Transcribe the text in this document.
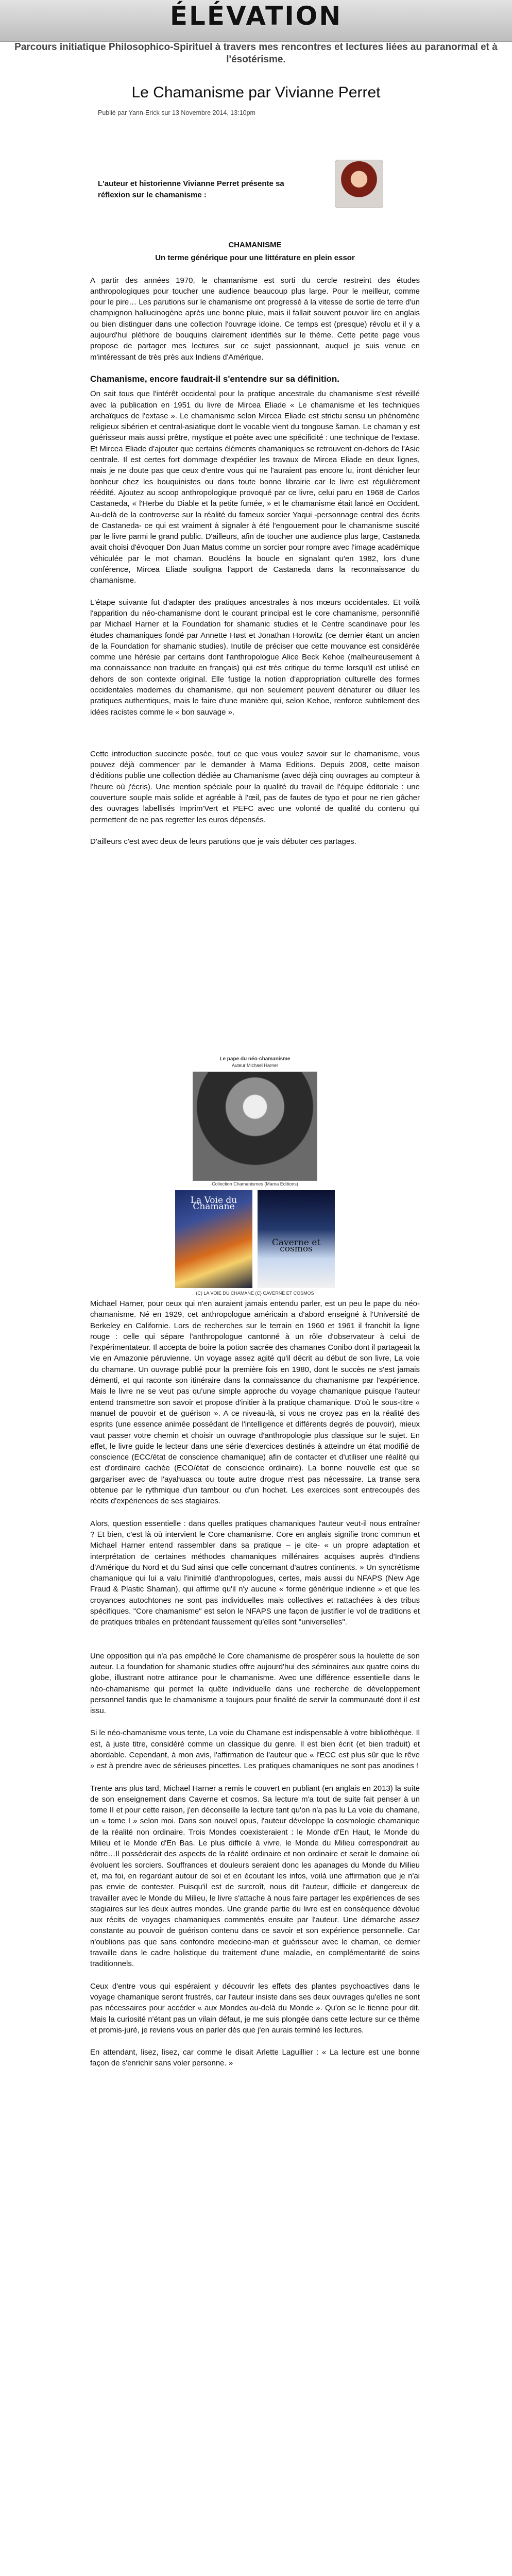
ÉLÉVATION
Parcours initiatique Philosophico-Spirituel à travers mes rencontres et lectures liées au paranormal et à l'ésotérisme.
Le Chamanisme par Vivianne Perret
Publié par Yann-Erick sur 13 Novembre 2014, 13:10pm
L'auteur et historienne Vivianne Perret présente sa réflexion sur le chamanisme :
CHAMANISME
Un terme générique pour une littérature en plein essor

A partir des années 1970, le chamanisme est sorti du cercle restreint des études anthropologiques pour toucher une audience beaucoup plus large. Pour le meilleur, comme pour le pire… Les parutions sur le chamanisme ont progressé à la vitesse de sortie de terre d'un champignon hallucinogène après une bonne pluie, mais il fallait souvent pouvoir lire en anglais ou bien distinguer dans une collection l'ouvrage idoine. Ce temps est (presque) révolu et il y a aujourd'hui pléthore de bouquins clairement identifiés sur le thème. Cette petite page vous propose de partager mes lectures sur ce sujet passionnant, auquel je suis venue en m'intéressant de très près aux Indiens d'Amérique.

Chamanisme, encore faudrait-il s'entendre sur sa définition.

On sait tous que l'intérêt occidental pour la pratique ancestrale du chamanisme s'est réveillé avec la publication en 1951 du livre de Mircea Eliade « Le chamanisme et les techniques archaïques de l'extase ». Le chamanisme selon Mircea Eliade est strictu sensu un phénomène religieux sibérien et central-asiatique dont le vocable vient du tongouse šaman. Le chaman y est guérisseur mais aussi prêtre, mystique et poète avec une spécificité : une technique de l'extase. Et Mircea Eliade d'ajouter que certains éléments chamaniques se retrouvent en-dehors de l'Asie centrale. Il est certes fort dommage d'expédier les travaux de Mircea Eliade en deux lignes, mais je ne doute pas que ceux d'entre vous qui ne l'auraient pas encore lu, iront dénicher leur bonheur chez les bouquinistes ou dans toute bonne librairie car le livre est régulièrement réédité. Ajoutez au scoop anthropologique provoqué par ce livre, celui paru en 1968 de Carlos Castaneda, « l'Herbe du Diable et la petite fumée, » et le chamanisme était lancé en Occident. Au-delà de la controverse sur la réalité du fameux sorcier Yaqui -personnage central des écrits de Castaneda- ce qui est vraiment à signaler à été l'engouement pour le chamanisme suscité par le livre parmi le grand public. D'ailleurs, afin de toucher une audience plus large, Castaneda avait choisi d'évoquer Don Juan Matus comme un sorcier pour rompre avec l'image académique véhiculée par le mot chaman. Boucléns la boucle en signalant qu'en 1982, lors d'une conférence, Mircea Eliade soulignа l'apport de Castaneda dans la reconnaissance du chamanisme.

L'étape suivante fut d'adapter des pratiques ancestrales à nos mœurs occidentales. Et voilà l'apparition du néo-chamanisme dont le courant principal est le core chamanisme, personnifié par Michael Harner et la Foundation for shamanic studies et le Centre scandinave pour les études chamaniques fondé par Annette Høst et Jonathan Horowitz (ce dernier étant un ancien de la Foundation for shamanic studies). Inutile de préciser que cette mouvance est considérée comme une hérésie par certains dont l'anthropologue Alice Beck Kehoe (malheureusement à ma connaissance non traduite en français) qui est très critique du terme lorsqu'il est utilisé en dehors de son contexte original. Elle fustige la notion d'appropriation culturelle des formes occidentales modernes du chamanisme, qui non seulement peuvent dénaturer ou diluer les pratiques authentiques, mais le faire d'une manière qui, selon Kehoe, renforce subtilement des idées racistes comme le « bon sauvage ».

Cette introduction succincte posée, tout ce que vous voulez savoir sur le chamanisme, vous pouvez déjà commencer par le demander à Mama Editions. Depuis 2008, cette maison d'éditions publie une collection dédiée au Chamanisme (avec déjà cinq ouvrages au compteur à l'heure où j'écris). Une mention spéciale pour la qualité du travail de l'équipe éditoriale : une couverture souple mais solide et agréable à l'œil, pas de fautes de typo et pour ne rien gâcher des ouvrages labellisés Imprim'Vert et PEFC avec une volonté de qualité du contenu qui permettent de ne pas regretter les euros dépensés.

D'ailleurs c'est avec deux de leurs parutions que je vais débuter ces partages.

Le pape du néo-chamanisme
Auteur Michael Harner
Collection Chamanismes (Mama Editions)
La Voie du Chamane
Caverne et cosmos
(C) LA VOIE DU CHAMANE (C) CAVERNE ET COSMOS

Michael Harner, pour ceux qui n'en auraient jamais entendu parler, est un peu le pape du néo-chamanisme. Né en 1929, cet anthropologue américain a d'abord enseigné à l'Université de Berkeley en Californie. Lors de recherches sur le terrain en 1960 et 1961 il franchit la ligne rouge : celle qui sépare l'anthropologue cantonné à un rôle d'observateur à celui de l'expérimentateur. Il accepta de boire la potion sacrée des chamanes Conibo dont il partageait la vie en Amazonie péruvienne. Un voyage assez agité qu'il décrit au début de son livre, La voie du chamane. Un ouvrage publié pour la première fois en 1980, dont le succès ne s'est jamais démenti, et qui raconte son itinéraire dans la connaissance du chamanisme par l'expérience. Mais le livre ne se veut pas qu'une simple approche du voyage chamanique puisque l'auteur entend transmettre son savoir et propose d'initier à la pratique chamanique. D'où le sous-titre « manuel de pouvoir et de guérison ». A ce niveau-là, si vous ne croyez pas en la réalité des esprits (une essence animée possédant de l'intelligence et différents degrés de pouvoir), mieux vaut passer votre chemin et choisir un ouvrage d'anthropologie plus classique sur le sujet. En effet, le livre guide le lecteur dans une série d'exercices destinés à atteindre un état modifié de conscience (ECC/état de conscience chamanique) afin de contacter et d'utiliser une réalité qui est d'ordinaire cachée (ECO/état de conscience ordinaire). La bonne nouvelle est que se gargariser avec de l'ayahuasca ou toute autre drogue n'est pas nécessaire. La transe sera obtenue par le rythmique d'un tambour ou d'un hochet. Les exercices sont entrecoupés des récits d'expériences de ses stagiaires.

Alors, question essentielle : dans quelles pratiques chamaniques l'auteur veut-il nous entraîner ? Et bien, c'est là où intervient le Core chamanisme. Core en anglais signifie tronc commun et Michael Harner entend rassembler dans sa pratique – je cite- « un propre adaptation et interprétation de certaines méthodes chamaniques millénaires acquises auprès d'Indiens d'Amérique du Nord et du Sud ainsi que celle concernant d'autres continents. » Un syncrétisme chamanique qui lui a valu l'inimitié d'anthropologues, certes, mais aussi du NFAPS (New Age Fraud & Plastic Shaman), qui affirme qu'il n'y aucune « forme générique indienne » et que les croyances autochtones ne sont pas individuelles mais collectives et rattachées à des tribus spécifiques. "Core chamanisme" est selon le NFAPS une façon de justifier le vol de traditions et de pratiques tribales en prétendant faussement qu'elles sont "universelles".

Une opposition qui n'a pas empêché le Core chamanisme de prospérer sous la houlette de son auteur. La foundation for shamanic studies offre aujourd'hui des séminaires aux quatre coins du globe, illustrant notre attirance pour le chamanisme. Avec une différence essentielle dans le néo-chamanisme qui permet la quête individuelle dans une recherche de développement personnel tandis que le chamanisme a toujours pour finalité de servir la communauté dont il est issu.

Si le néo-chamanisme vous tente, La voie du Chamane est indispensable à votre bibliothèque. Il est, à juste titre, considéré comme un classique du genre. Il est bien écrit (et bien traduit) et abordable. Cependant, à mon avis, l'affirmation de l'auteur que « l'ECC est plus sûr que le rêve » est à prendre avec de sérieuses pincettes. Les pratiques chamaniques ne sont pas anodines !

Trente ans plus tard, Michael Harner a remis le couvert en publiant (en anglais en 2013) la suite de son enseignement dans Caverne et cosmos. Sa lecture m'a tout de suite fait penser à un tome II et pour cette raison, j'en déconseille la lecture tant qu'on n'a pas lu La voie du chamane, un « tome I » selon moi. Dans son nouvel opus, l'auteur développe la cosmologie chamanique de la réalité non ordinaire. Trois Mondes coexisteraient : le Monde d'En Haut, le Monde du Milieu et le Monde d'En Bas. Le plus difficile à vivre, le Monde du Milieu correspondrait au nôtre…Il posséderait des aspects de la réalité ordinaire et non ordinaire et serait le domaine où évoluent les sorciers. Souffrances et douleurs seraient donc les apanages du Monde du Milieu et, ma foi, en regardant autour de soi et en écoutant les infos, voilà une affirmation que je n'ai pas envie de contester. Puisqu'il est de surcroît, nous dit l'auteur, difficile et dangereux de travailler avec le Monde du Milieu, le livre s'attache à nous faire partager les expériences de ses stagiaires sur les deux autres mondes. Une grande partie du livre est en conséquence dévolue aux récits de voyages chamaniques commentés ensuite par l'auteur. Une démarche assez constante au pouvoir de guérison contenu dans ce savoir et son expérience personnelle. Car n'oublions pas que sans confondre medecine-man et guérisseur avec le chaman, ce dernier travaille dans le cadre holistique du traitement d'une maladie, en complémentarité de soins traditionnels.

Ceux d'entre vous qui espéraient y découvrir les effets des plantes psychoactives dans le voyage chamanique seront frustrés, car l'auteur insiste dans ses deux ouvrages qu'elles ne sont pas nécessaires pour accéder « aux Mondes au-delà du Monde ». Qu'on se le tienne pour dit. Mais la curiosité n'étant pas un vilain défaut, je me suis plongée dans cette lecture sur ce thème et promis-juré, je reviens vous en parler dès que j'en aurais terminé les lectures.

En attendant, lisez, lisez, car comme le disait Arlette Laguillier : « La lecture est une bonne façon de s'enrichir sans voler personne. »
